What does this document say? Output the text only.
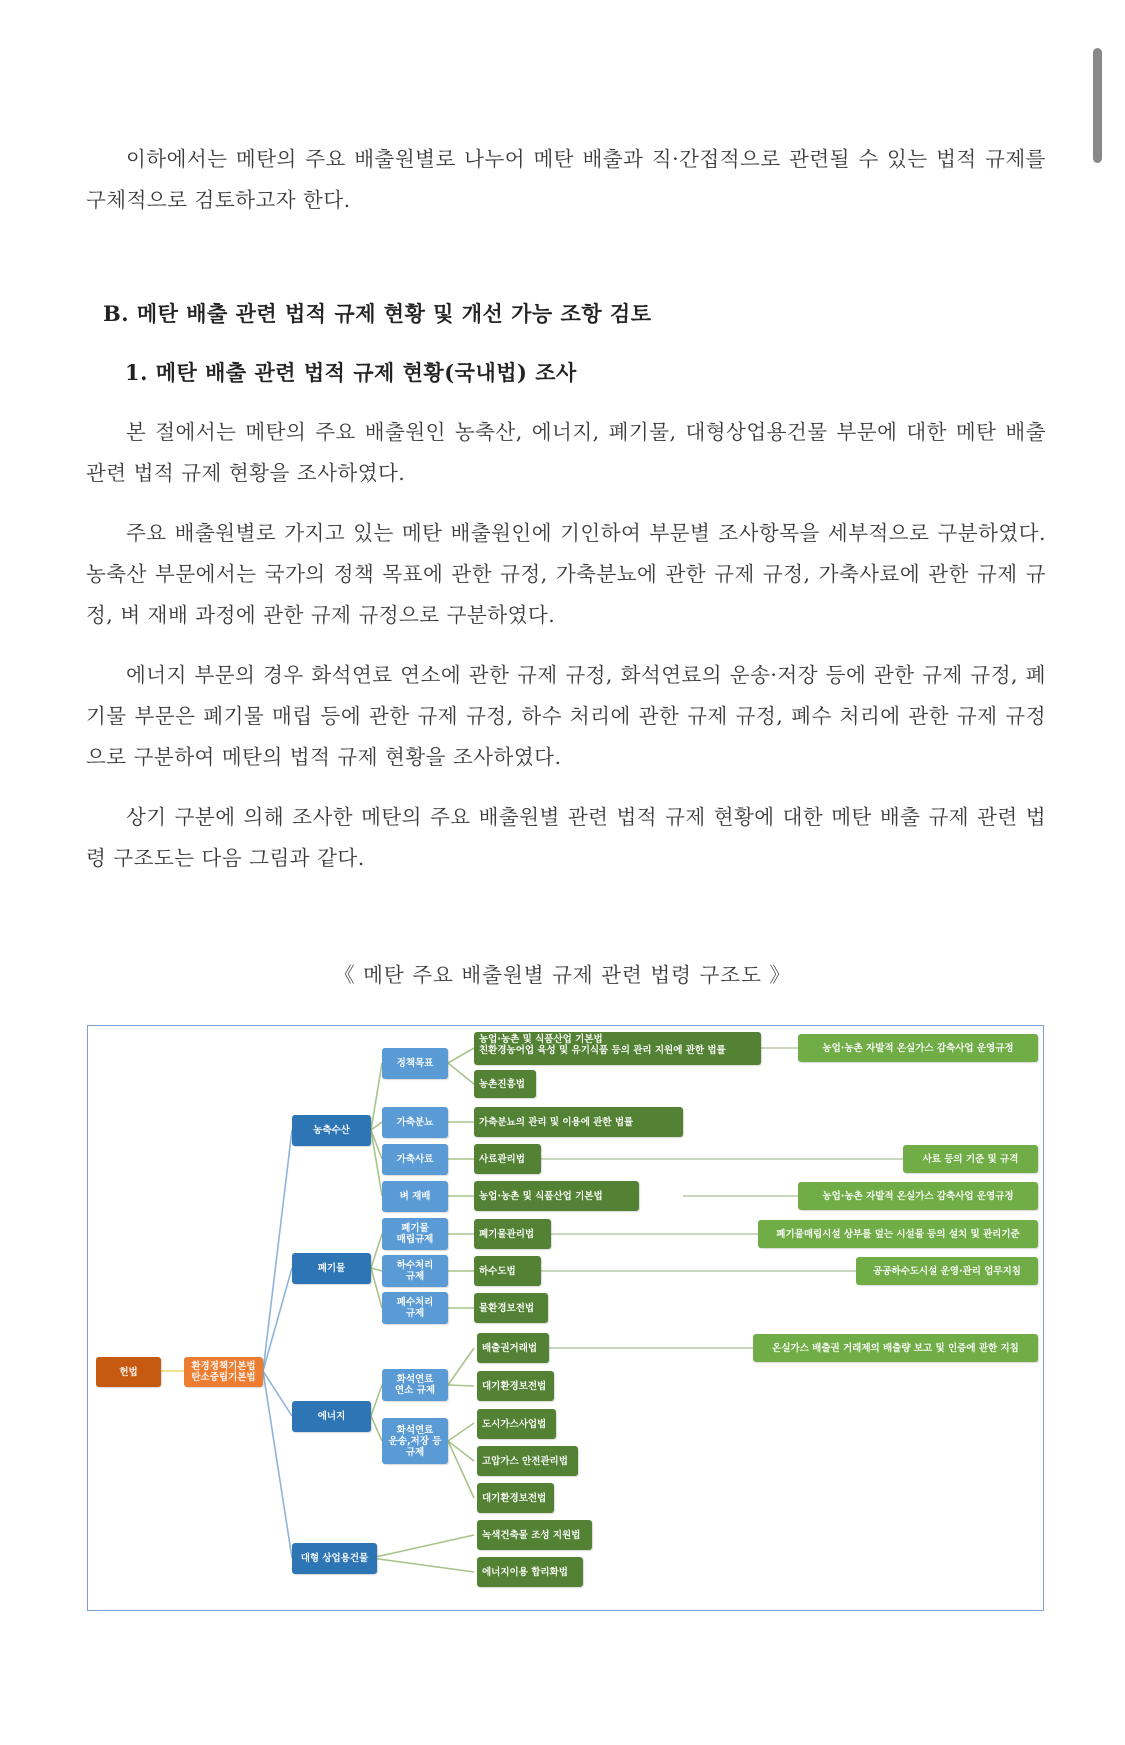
이하에서는 메탄의 주요 배출원별로 나누어 메탄 배출과 직·간접적으로 관련될 수 있는 법적 규제를 구체적으로 검토하고자 한다.
B. 메탄 배출 관련 법적 규제 현황 및 개선 가능 조항 검토
1. 메탄 배출 관련 법적 규제 현황(국내법) 조사
본 절에서는 메탄의 주요 배출원인 농축산, 에너지, 폐기물, 대형상업용건물 부문에 대한 메탄 배출 관련 법적 규제 현황을 조사하였다.
주요 배출원별로 가지고 있는 메탄 배출원인에 기인하여 부문별 조사항목을 세부적으로 구분하였다. 농축산 부문에서는 국가의 정책 목표에 관한 규정, 가축분뇨에 관한 규제 규정, 가축사료에 관한 규제 규정, 벼 재배 과정에 관한 규제 규정으로 구분하였다.
에너지 부문의 경우 화석연료 연소에 관한 규제 규정, 화석연료의 운송·저장 등에 관한 규제 규정, 폐기물 부문은 폐기물 매립 등에 관한 규제 규정, 하수 처리에 관한 규제 규정, 폐수 처리에 관한 규제 규정으로 구분하여 메탄의 법적 규제 현황을 조사하였다.
상기 구분에 의해 조사한 메탄의 주요 배출원별 관련 법적 규제 현황에 대한 메탄 배출 규제 관련 법령 구조도는 다음 그림과 같다.
《 메탄 주요 배출원별 규제 관련 법령 구조도 》
헌법	환경정책기본법
탄소중립기본법
농축수산
폐기물
에너지
대형 상업용건물
정책목표
가축분뇨
가축사료
벼 재배
폐기물
매립규제
하수처리
규제
폐수처리
규제
화석연료
연소 규제
화석연료
운송,저장 등
규제
농업·농촌 및 식품산업 기본법
친환경농어업 육성 및 유기식품 등의 관리 지원에 관한 법률
농촌진흥법
가축분뇨의 관리 및 이용에 관한 법률
사료관리법
농업·농촌 및 식품산업 기본법
폐기물관리법
하수도법
물환경보전법
배출권거래법
대기환경보전법
도시가스사업법
고압가스 안전관리법
대기환경보전법
녹색건축물 조성 지원법
에너지이용 합리화법
농업·농촌 자발적 온실가스 감축사업 운영규정
사료 등의 기준 및 규격
농업·농촌 자발적 온실가스 감축사업 운영규정
폐기물매립시설 상부를 덮는 시설물 등의 설치 및 관리기준
공공하수도시설 운영·관리 업무지침
온실가스 배출권 거래제의 배출량 보고 및 인증에 관한 지침
